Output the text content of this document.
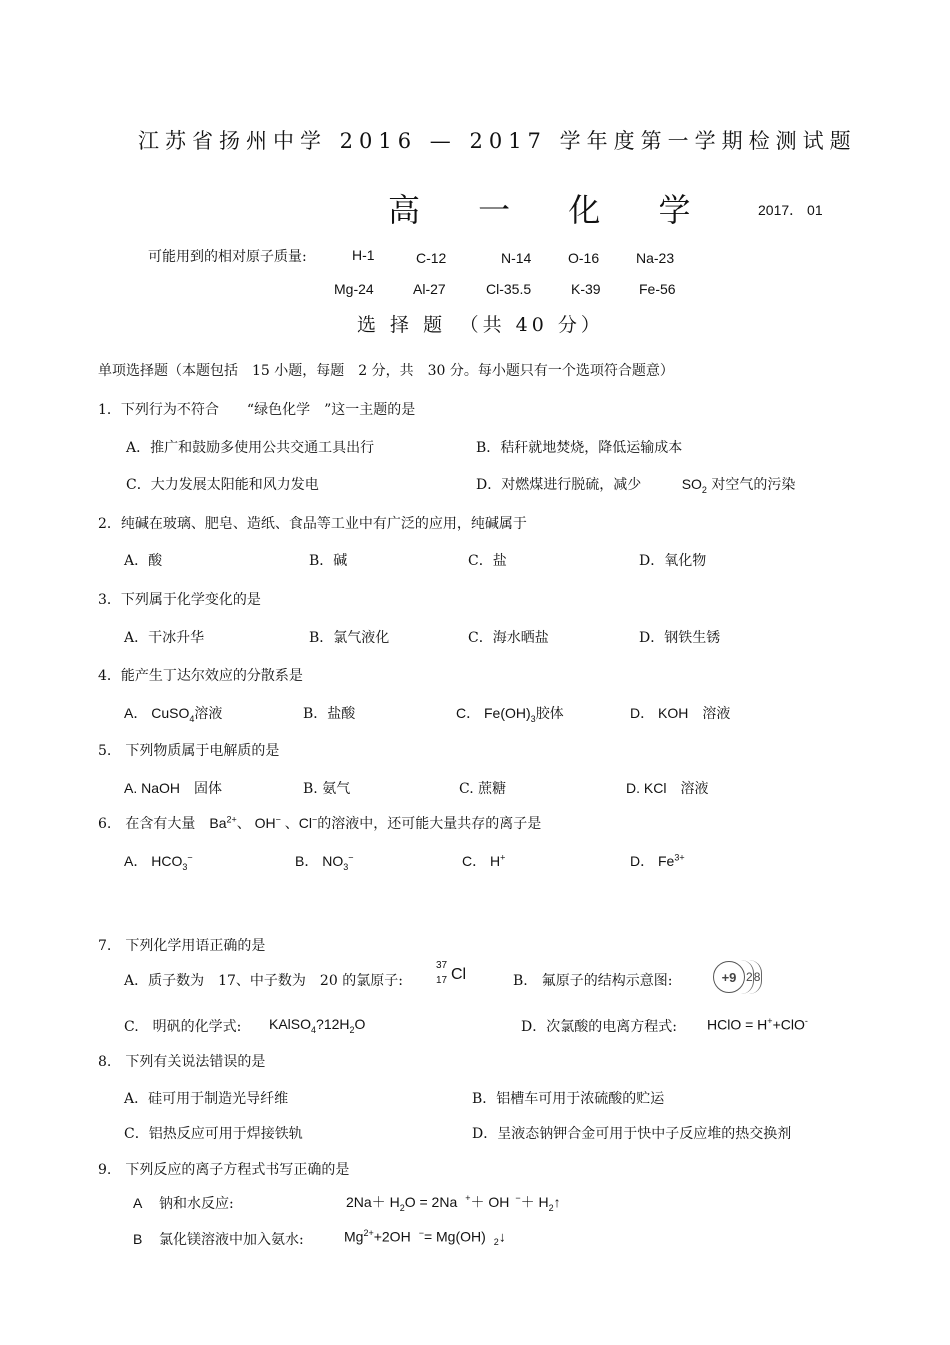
江苏省扬州中学 2016 — 2017 学年度第一学期检测试题
高 一 化 学	2017． 01
可能用到的相对原子质量:	H-1	C-12	N-14	O-16	Na-23
Mg-24	Al-27	Cl-35.5	K-39	Fe-56
选 择 题　（共 40 分）
单项选择题（本题包括　15 小题，每题　2 分，共　30 分。每小题只有一个选项符合题意）
1．下列行为不符合　　“绿色化学　”这一主题的是
A．推广和鼓励多使用公共交通工具出行	B．秸秆就地焚烧，降低运输成本
C．大力发展太阳能和风力发电	D．对燃煤进行脱硫，减少	$SO_2$ 对空气的污染
2．纯碱在玻璃、肥皂、造纸、食品等工业中有广泛的应用，纯碱属于
A．酸	B．碱	C．盐	D．氧化物
3．下列属于化学变化的是
A．干冰升华	B．氯气液化	C．海水晒盐	D．钢铁生锈
4．能产生丁达尔效应的分散系是
A． CuSO$_4$溶液	B．盐酸	C． $Fe(OH)_3$胶体	D． KOH　溶液
5.　下列物质属于电解质的是
A. NaOH　固体	B. 氨气	C. 蔗糖	D. KCl　溶液
6.　在含有大量　$Ba^{2+}$、 OH− 、Cl−的溶液中，还可能大量共存的离子是
A． $HCO_3^-$	B． $NO_3^-$	C． H+	D． $Fe^{3+}$
7.　下列化学用语正确的是
A．质子数为　17、中子数为　20 的氯原子:
37
17 Cl	B.　氟原子的结构示意图:	+9 2 8
C.　明矾的化学式: $KAlSO_4?12H_2O$	D．次氯酸的电离方程式: HClO = H++ClO-
8.　下列有关说法错误的是
A．硅可用于制造光导纤维	B．铝槽车可用于浓硫酸的贮运
C．铝热反应可用于焊接铁轨	D．呈液态钠钾合金可用于快中子反应堆的热交换剂
9.　下列反应的离子方程式书写正确的是
A 钠和水反应:	$2Na+ H_2O = 2Na$ +＋ OH $^-+ H_2↑$
B 氯化镁溶液中加入氨水:	$Mg^{2+}+2OH$ −= Mg(OH) $_2$↓
